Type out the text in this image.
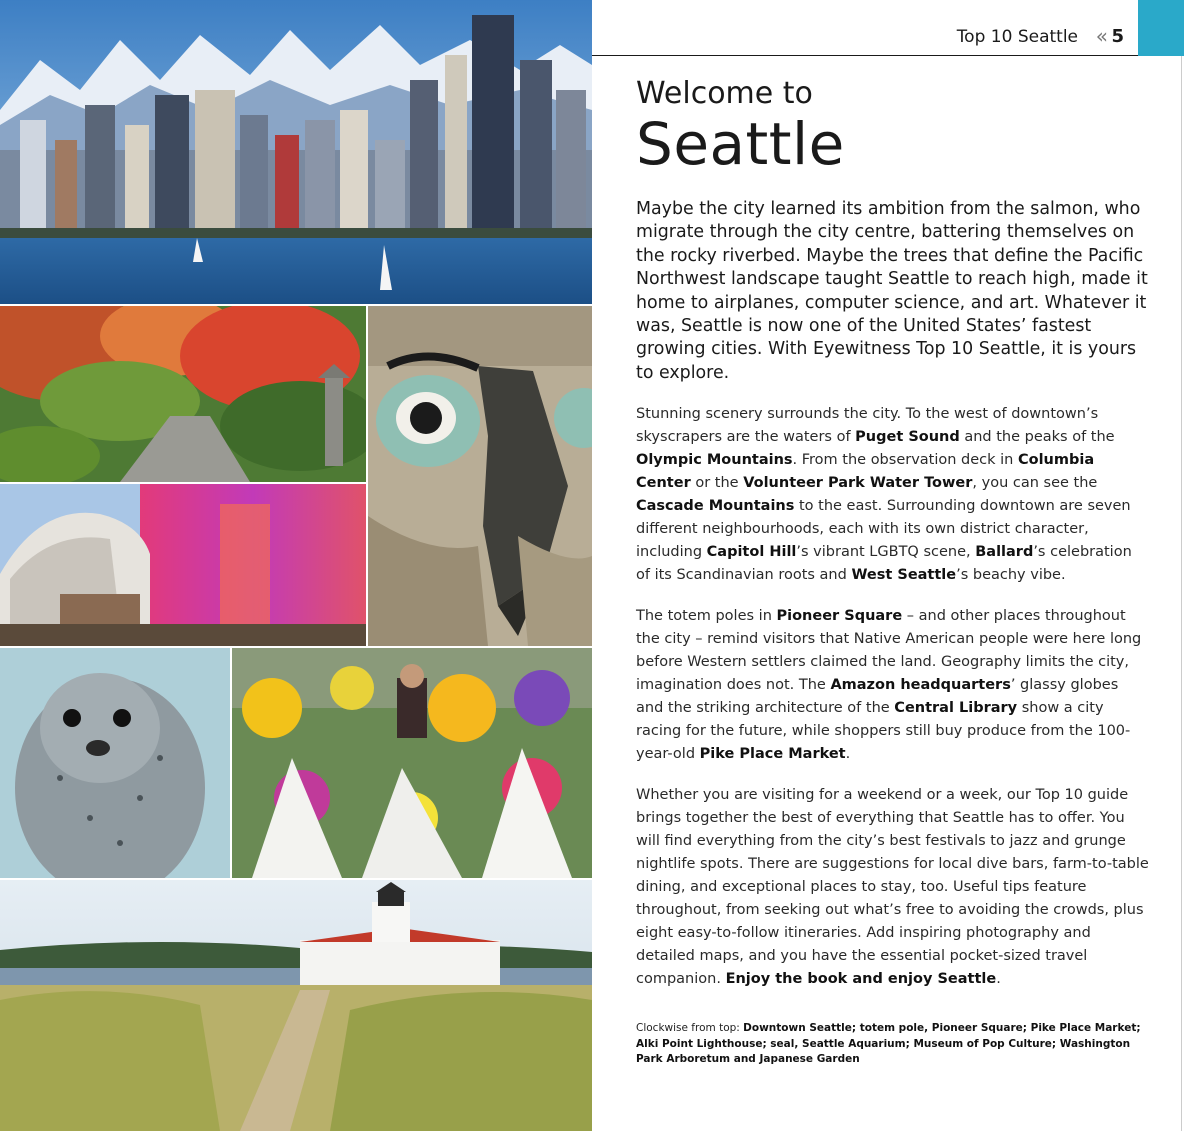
Top 10 Seattle « 5
Welcome to
Seattle

Maybe the city learned its ambition from the salmon, who migrate through the city centre, battering themselves on the rocky riverbed. Maybe the trees that define the Pacific Northwest landscape taught Seattle to reach high, made it home to airplanes, computer science, and art. Whatever it was, Seattle is now one of the United States’ fastest growing cities. With Eyewitness Top 10 Seattle, it is yours to explore.

Stunning scenery surrounds the city. To the west of downtown’s skyscrapers are the waters of Puget Sound and the peaks of the Olympic Mountains. From the observation deck in Columbia Center or the Volunteer Park Water Tower, you can see the Cascade Mountains to the east. Surrounding downtown are seven different neighbourhoods, each with its own district character, including Capitol Hill’s vibrant LGBTQ scene, Ballard’s celebration of its Scandinavian roots and West Seattle’s beachy vibe.

The totem poles in Pioneer Square – and other places throughout the city – remind visitors that Native American people were here long before Western settlers claimed the land. Geography limits the city, imagination does not. The Amazon headquarters’ glassy globes and the striking architecture of the Central Library show a city racing for the future, while shoppers still buy produce from the 100-year-old Pike Place Market.

Whether you are visiting for a weekend or a week, our Top 10 guide brings together the best of everything that Seattle has to offer. You will find everything from the city’s best festivals to jazz and grunge nightlife spots. There are suggestions for local dive bars, farm-to-table dining, and exceptional places to stay, too. Useful tips feature throughout, from seeking out what’s free to avoiding the crowds, plus eight easy-to-follow itineraries. Add inspiring photography and detailed maps, and you have the essential pocket-sized travel companion. Enjoy the book and enjoy Seattle.

Clockwise from top: Downtown Seattle; totem pole, Pioneer Square; Pike Place Market; Alki Point Lighthouse; seal, Seattle Aquarium; Museum of Pop Culture; Washington Park Arboretum and Japanese Garden
